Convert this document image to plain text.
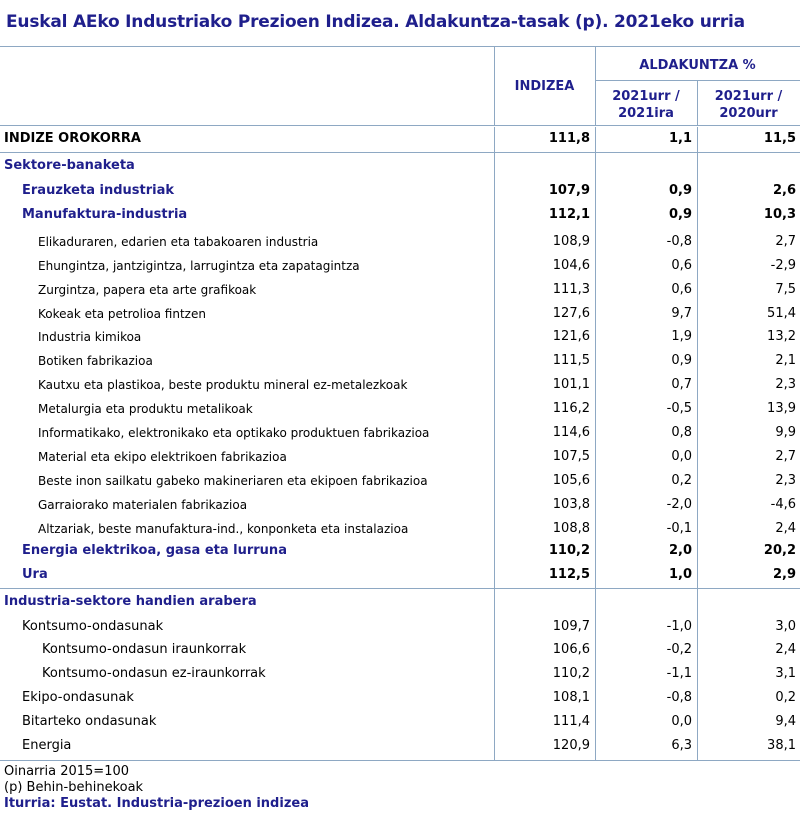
Euskal AEko Industriako Prezioen Indizea. Aldakuntza-tasak (p). 2021eko urria
INDIZEA
ALDAKUNTZA %
2021urr /
2021ira
2021urr /
2020urr
INDIZE OROKORRA	111,8	1,1	11,5
Sektore-banaketa
Erauzketa industriak	107,9	0,9	2,6
Manufaktura-industria	112,1	0,9	10,3
Elikaduraren, edarien eta tabakoaren industria	108,9	-0,8	2,7
Ehungintza, jantzigintza, larrugintza eta zapatagintza	104,6	0,6	-2,9
Zurgintza, papera eta arte grafikoak	111,3	0,6	7,5
Kokeak eta petrolioa fintzen	127,6	9,7	51,4
Industria kimikoa	121,6	1,9	13,2
Botiken fabrikazioa	111,5	0,9	2,1
Kautxu eta plastikoa, beste produktu mineral ez-metalezkoak	101,1	0,7	2,3
Metalurgia eta produktu metalikoak	116,2	-0,5	13,9
Informatikako, elektronikako eta optikako produktuen fabrikazioa	114,6	0,8	9,9
Material eta ekipo elektrikoen fabrikazioa	107,5	0,0	2,7
Beste inon sailkatu gabeko makineriaren eta ekipoen fabrikazioa	105,6	0,2	2,3
Garraiorako materialen fabrikazioa	103,8	-2,0	-4,6
Altzariak, beste manufaktura-ind., konponketa eta instalazioa	108,8	-0,1	2,4
Energia elektrikoa, gasa eta lurruna	110,2	2,0	20,2
Ura	112,5	1,0	2,9
Industria-sektore handien arabera
Kontsumo-ondasunak	109,7	-1,0	3,0
Kontsumo-ondasun iraunkorrak	106,6	-0,2	2,4
Kontsumo-ondasun ez-iraunkorrak	110,2	-1,1	3,1
Ekipo-ondasunak	108,1	-0,8	0,2
Bitarteko ondasunak	111,4	0,0	9,4
Energia	120,9	6,3	38,1
Oinarria 2015=100
(p) Behin-behinekoak
Iturria: Eustat. Industria-prezioen indizea
